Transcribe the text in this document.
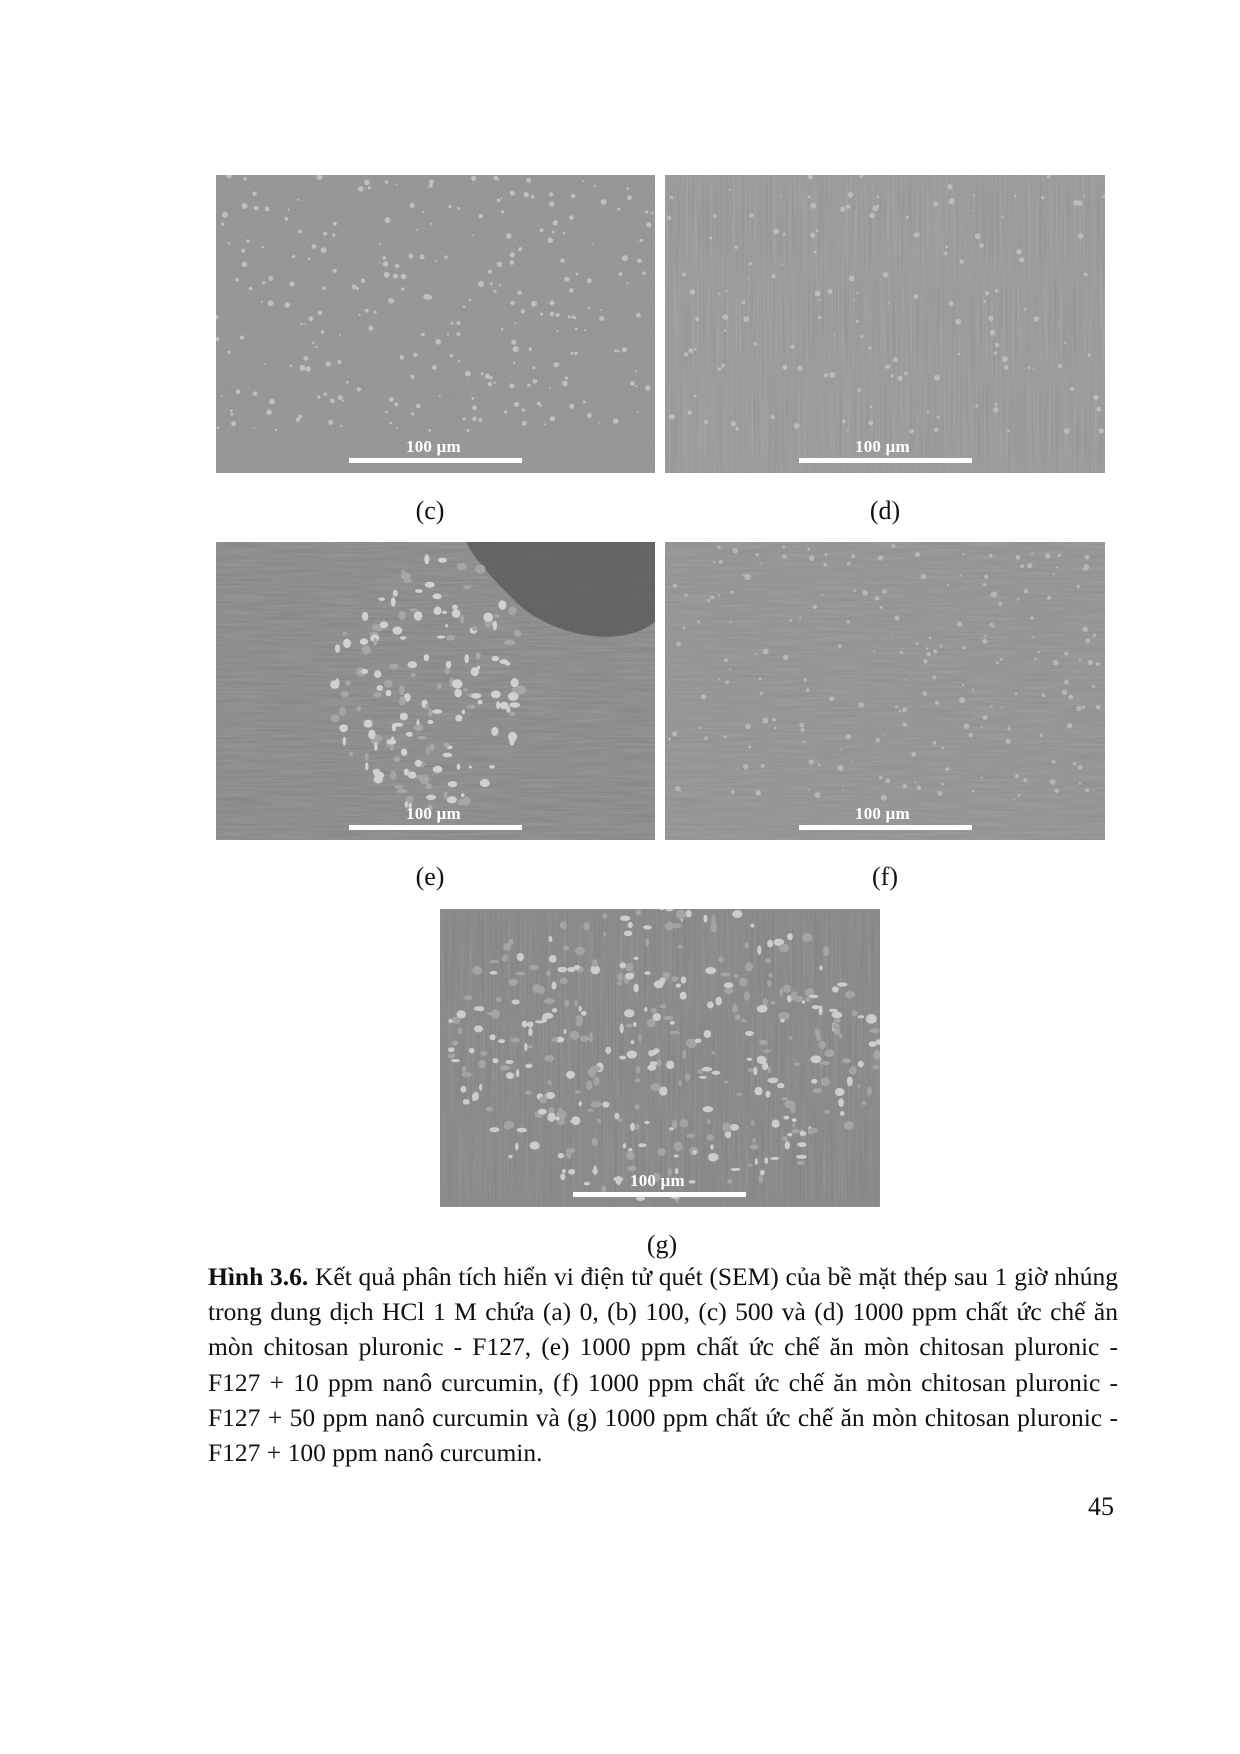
100 µm	100 µm
(c)	(d)
100 µm	100 µm
(e)	(f)
100 µm
(g)
Hình 3.6. Kết quả phân tích hiển vi điện tử quét (SEM) của bề mặt thép sau 1 giờ nhúng trong dung dịch HCl 1 M chứa (a) 0, (b) 100, (c) 500 và (d) 1000 ppm chất ức chế ăn mòn chitosan pluronic - F127, (e) 1000 ppm chất ức chế ăn mòn chitosan pluronic - F127 + 10 ppm nanô curcumin, (f) 1000 ppm chất ức chế ăn mòn chitosan pluronic - F127 + 50 ppm nanô curcumin và (g) 1000 ppm chất ức chế ăn mòn chitosan pluronic - F127 + 100 ppm nanô curcumin.
45
